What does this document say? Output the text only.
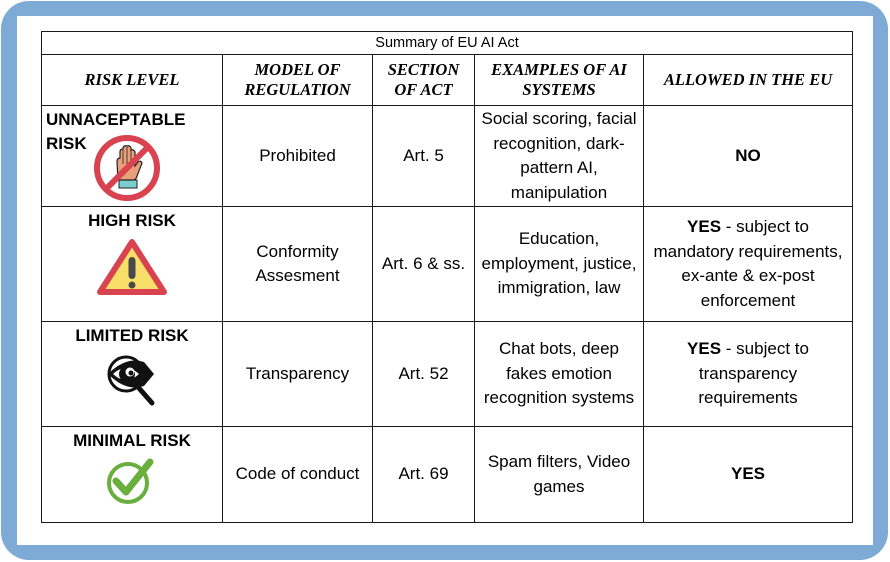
Summary of EU AI Act				
RISK LEVEL	MODEL OF REGULATION	SECTION OF ACT	EXAMPLES OF AI SYSTEMS	ALLOWED IN THE EU

UNNACEPTABLE
RISK	Prohibited	Art. 5	Social scoring, facial recognition, dark-pattern AI, manipulation	NO

HIGH RISK	Conformity Assesment	Art. 6 & ss.	Education, employment, justice, immigration, law	YES - subject to mandatory requirements, ex-ante & ex-post enforcement

LIMITED RISK	Transparency	Art. 52	Chat bots, deep fakes emotion recognition systems	YES - subject to transparency requirements

MINIMAL RISK	Code of conduct	Art. 69	Spam filters, Video games	YES
